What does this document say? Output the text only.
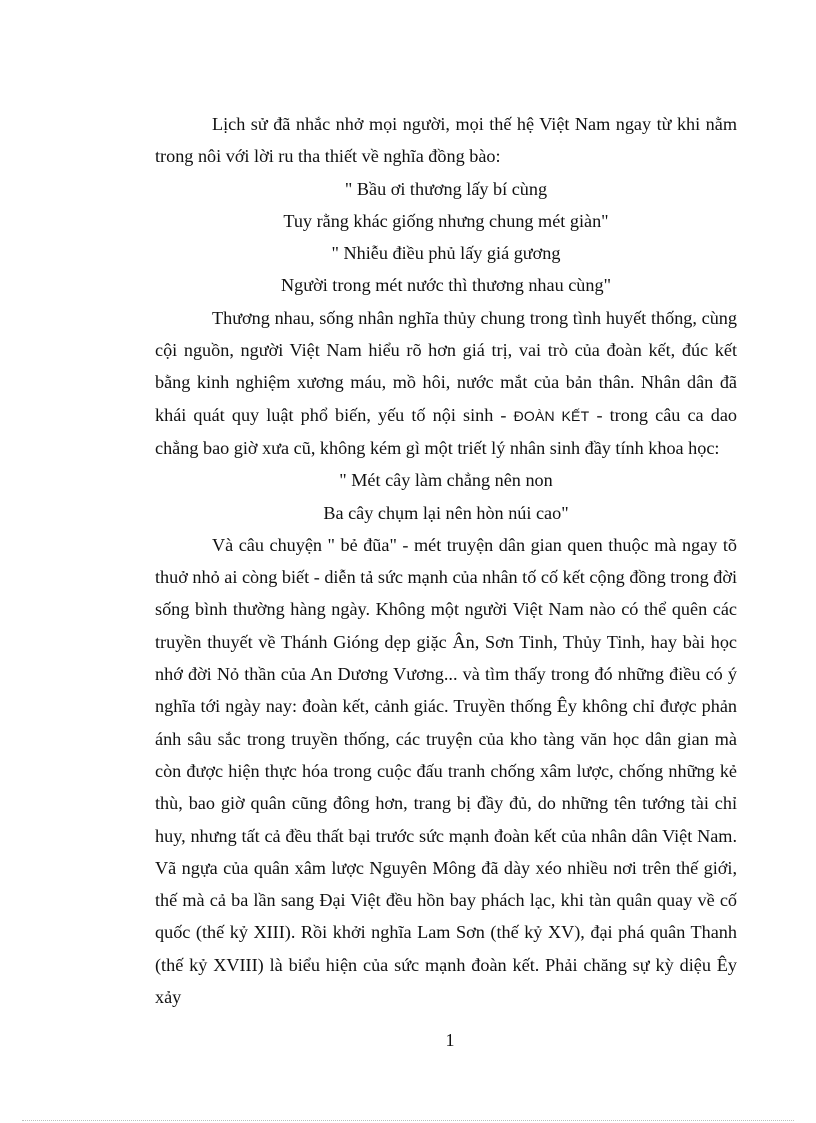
Lịch sử đã nhắc nhở mọi người, mọi thế hệ Việt Nam ngay từ khi nằm trong nôi với lời ru tha thiết về nghĩa đồng bào:

" Bầu ơi thương lấy bí cùng

Tuy rằng khác giống nhưng chung mét giàn"

" Nhiễu điều phủ lấy giá gương

Người trong mét nước thì thương nhau cùng"

Thương nhau, sống nhân nghĩa thủy chung trong tình huyết thống, cùng cội nguồn, người Việt Nam hiểu rõ hơn giá trị, vai trò của đoàn kết, đúc kết bằng kinh nghiệm xương máu, mồ hôi, nước mắt của bản thân. Nhân dân đã khái quát quy luật phổ biến, yếu tố nội sinh - ĐOÀN KẾT - trong câu ca dao chẳng bao giờ xưa cũ, không kém gì một triết lý nhân sinh đầy tính khoa học:

" Mét cây làm chẳng nên non

Ba cây chụm lại nên hòn núi cao"

Và câu chuyện " bẻ đũa" - mét truyện dân gian quen thuộc mà ngay tõ thuở nhỏ ai còng biết - diễn tả sức mạnh của nhân tố cố kết cộng đồng trong đời sống bình thường hàng ngày. Không một người Việt Nam nào có thể quên các truyền thuyết về Thánh Gióng dẹp giặc Ân, Sơn Tinh, Thủy Tinh, hay bài học nhớ đời Nỏ thần của An Dương Vương... và tìm thấy trong đó những điều có ý nghĩa tới ngày nay: đoàn kết, cảnh giác. Truyền thống Êy không chỉ được phản ánh sâu sắc trong truyền thống, các truyện của kho tàng văn học dân gian mà còn được hiện thực hóa trong cuộc đấu tranh chống xâm lược, chống những kẻ thù, bao giờ quân cũng đông hơn, trang bị đầy đủ, do những tên tướng tài chỉ huy, nhưng tất cả đều thất bại trước sức mạnh đoàn kết của nhân dân Việt Nam. Vã ngựa của quân xâm lược Nguyên Mông đã dày xéo nhiều nơi trên thế giới, thế mà cả ba lần sang Đại Việt đều hồn bay phách lạc, khi tàn quân quay về cố quốc (thế kỷ XIII). Rồi khởi nghĩa Lam Sơn (thế kỷ XV), đại phá quân Thanh (thế kỷ XVIII) là biểu hiện của sức mạnh đoàn kết. Phải chăng sự kỳ diệu Êy xảy

1
